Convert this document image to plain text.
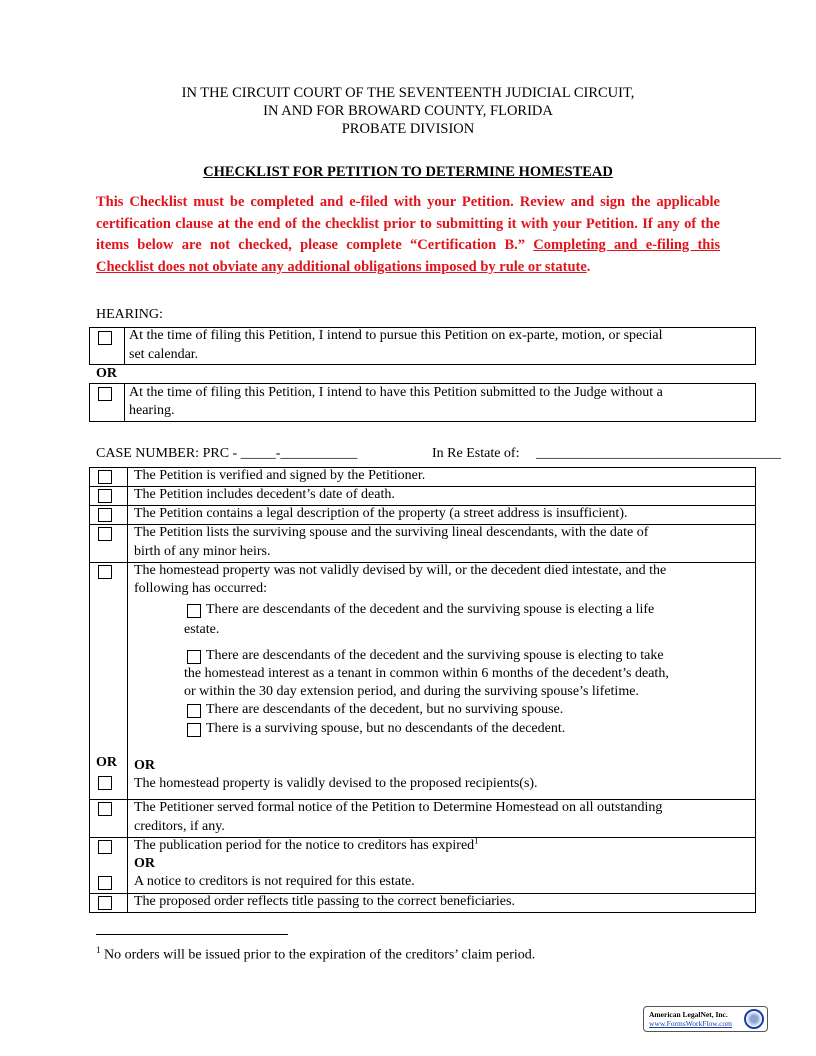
IN THE CIRCUIT COURT OF THE SEVENTEENTH JUDICIAL CIRCUIT,
IN AND FOR BROWARD COUNTY, FLORIDA
PROBATE DIVISION
CHECKLIST FOR PETITION TO DETERMINE HOMESTEAD
This Checklist must be completed and e-filed with your Petition. Review and sign the applicable certification clause at the end of the checklist prior to submitting it with your Petition. If any of the items below are not checked, please complete “Certification B.” Completing and e-filing this Checklist does not obviate any additional obligations imposed by rule or statute.
HEARING:
At the time of filing this Petition, I intend to pursue this Petition on ex-parte, motion, or special
set calendar.
OR
At the time of filing this Petition, I intend to have this Petition submitted to the Judge without a
hearing.
CASE NUMBER: PRC - _____-___________	In Re Estate of: ___________________________________
The Petition is verified and signed by the Petitioner.
The Petition includes decedent’s date of death.
The Petition contains a legal description of the property (a street address is insufficient).
The Petition lists the surviving spouse and the surviving lineal descendants, with the date of
birth of any minor heirs.
The homestead property was not validly devised by will, or the decedent died intestate, and the
following has occurred:
There are descendants of the decedent and the surviving spouse is electing a life
estate.
There are descendants of the decedent and the surviving spouse is electing to take
the homestead interest as a tenant in common within 6 months of the decedent’s death,
or within the 30 day extension period, and during the surviving spouse’s lifetime.
There are descendants of the decedent, but no surviving spouse.
There is a surviving spouse, but no descendants of the decedent.
OR OR
The homestead property is validly devised to the proposed recipients(s).
The Petitioner served formal notice of the Petition to Determine Homestead on all outstanding
creditors, if any.
The publication period for the notice to creditors has expired$^1$
OR
A notice to creditors is not required for this estate.
The proposed order reflects title passing to the correct beneficiaries.
$^1$ No orders will be issued prior to the expiration of the creditors’ claim period.
American LegalNet, Inc.
www.FormsWorkFlow.com
